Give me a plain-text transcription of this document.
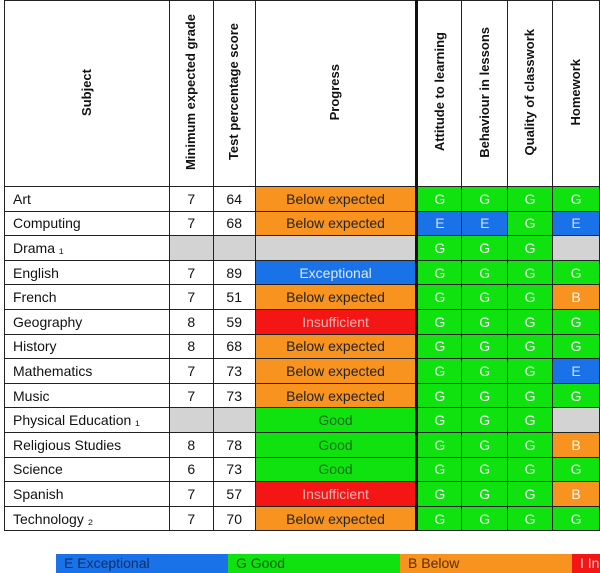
Subject	Minimum expected grade	Test percentage score	Progress	Attitude to learning	Behaviour in lessons	Quality of classwork	Homework
Art	7	64	Below expected	G	G	G	G
Computing	7	68	Below expected	E	E	G	E
Drama ₁				G	G	G	
English	7	89	Exceptional	G	G	G	G
French	7	51	Below expected	G	G	G	B
Geography	8	59	Insufficient	G	G	G	G
History	8	68	Below expected	G	G	G	G
Mathematics	7	73	Below expected	G	G	G	E
Music	7	73	Below expected	G	G	G	G
Physical Education ₁			Good	G	G	G	
Religious Studies	8	78	Good	G	G	G	B
Science	6	73	Good	G	G	G	G
Spanish	7	57	Insufficient	G	G	G	B
Technology ₂	7	70	Below expected	G	G	G	G
E Exceptional	G Good	B Below	I In
